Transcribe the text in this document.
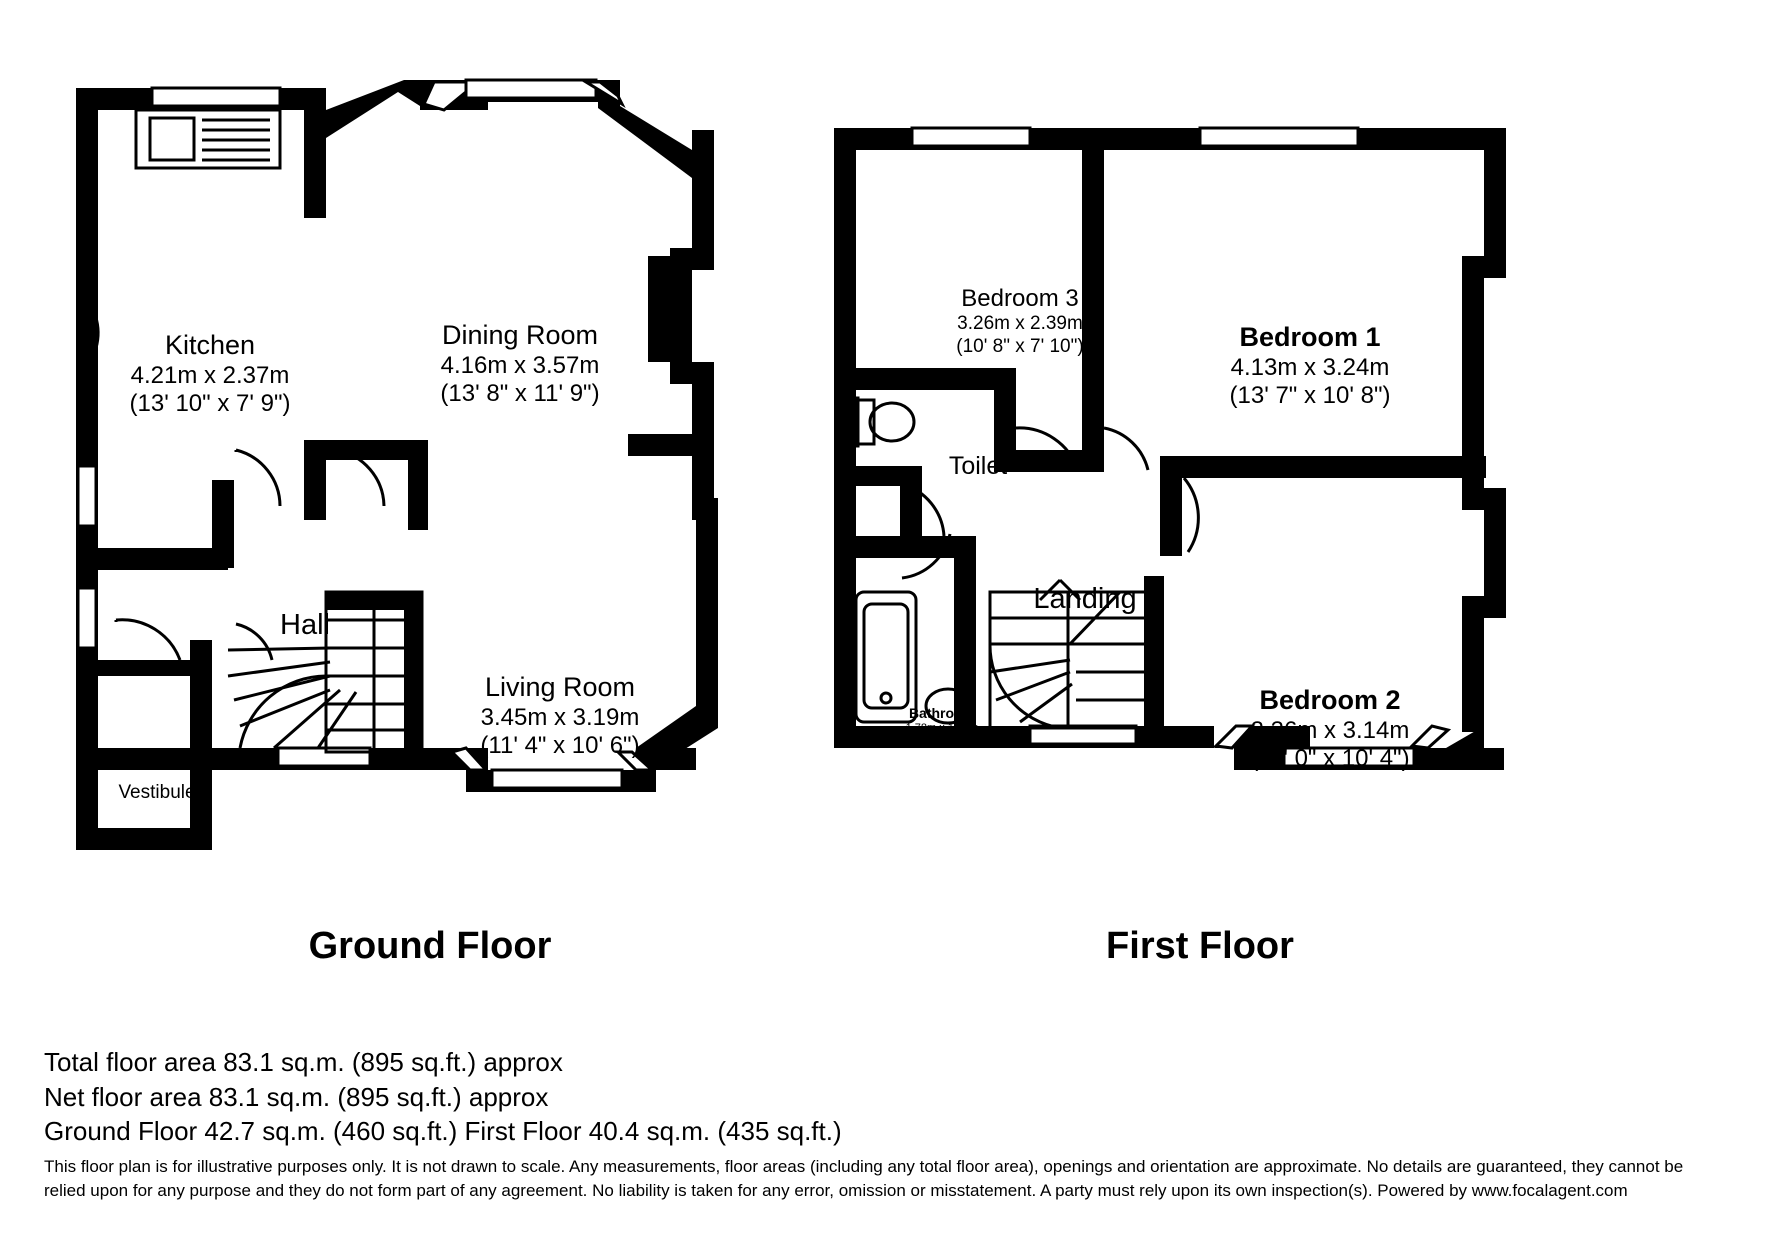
Kitchen
4.21m x 2.37m
(13' 10" x 7' 9")
Dining Room
4.16m x 3.57m
(13' 8" x 11' 9")
Living Room
3.45m x 3.19m
(11' 4" x 10' 6")
Hall
Vestibule
Ground Floor
Bedroom 3
3.26m x 2.39m
(10' 8" x 7' 10")	Bedroom 1
4.13m x 3.24m
(13' 7" x 10' 8")
Bedroom 2
3.36m x 3.14m
(11' 0" x 10' 4")
Bathroom
1.78m x 1.45m
(5' 10" x 4' 9")
Toilet
Landing
First Floor
Total floor area 83.1 sq.m. (895 sq.ft.) approx
Net floor area 83.1 sq.m. (895 sq.ft.) approx
Ground Floor 42.7 sq.m. (460 sq.ft.) First Floor 40.4 sq.m. (435 sq.ft.)
This floor plan is for illustrative purposes only. It is not drawn to scale. Any measurements, floor areas (including any total floor area), openings and orientation are approximate. No details are guaranteed, they cannot be relied upon for any purpose and they do not form part of any agreement. No liability is taken for any error, omission or misstatement. A party must rely upon its own inspection(s). Powered by www.focalagent.com
